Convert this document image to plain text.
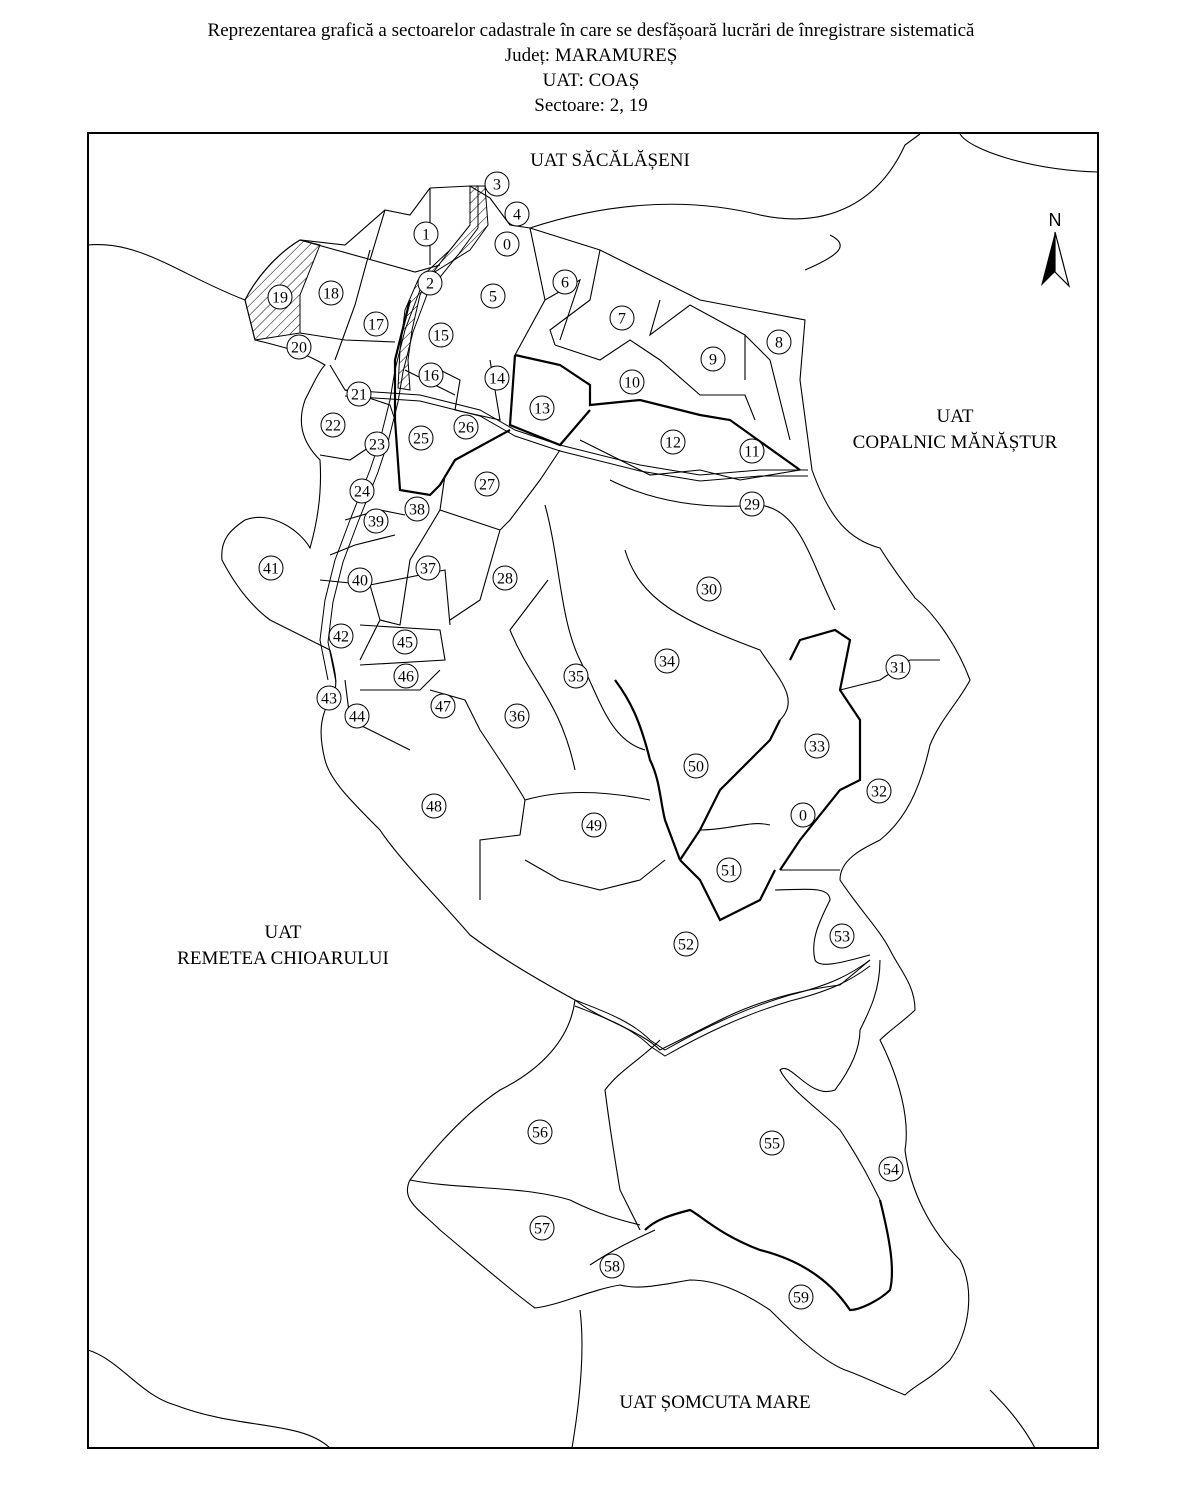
Reprezentarea grafică a sectoarelor cadastrale în care se desfășoară lucrări de înregistrare sistematică
Județ: MARAMUREȘ
UAT: COAȘ
Sectoare: 2, 19
N
UAT SĂCĂLĂȘENI
UAT
COPALNIC MĂNĂȘTUR
UAT
REMETEA CHIOARULUI
UAT ȘOMCUTA MARE
0
1
2
3
4
5
6
7
8
9
10
11
12
13
14
15
16
17
18
19
20
21
22
23
24
25
26
27
28
29
30
31
32
33
34
35
36
37
38
39
40
41
42
43
44
45
46
47
48
49
50
51
52	53
54
55
56
57
58
59
0
